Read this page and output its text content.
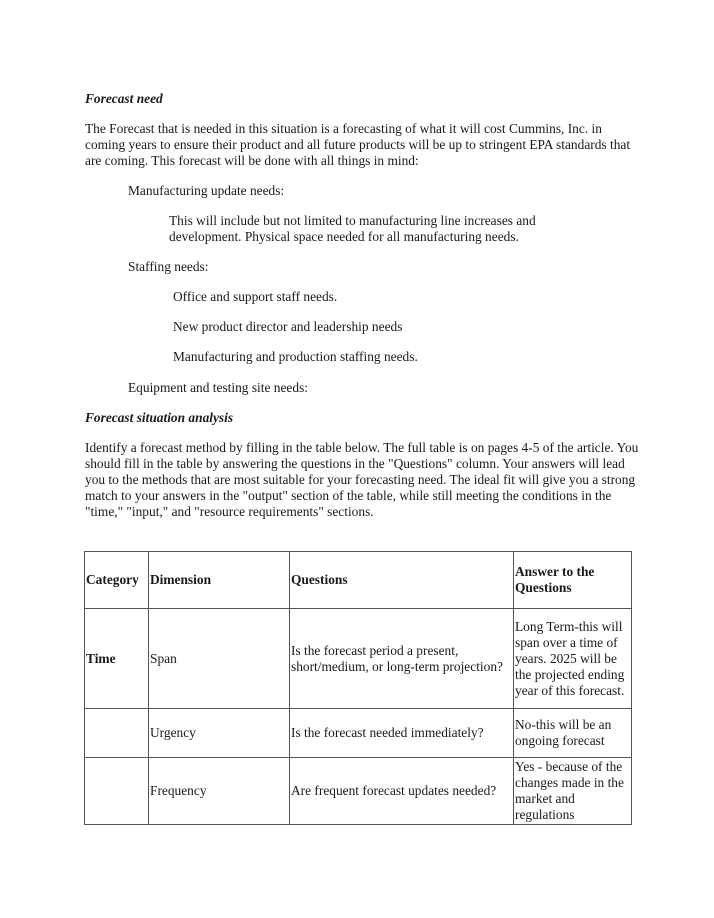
Forecast need

The Forecast that is needed in this situation is a forecasting of what it will cost Cummins, Inc. in coming years to ensure their product and all future products will be up to stringent EPA standards that are coming. This forecast will be done with all things in mind:

Manufacturing update needs:
This will include but not limited to manufacturing line increases and development. Physical space needed for all manufacturing needs.
Staffing needs:
Office and support staff needs.
New product director and leadership needs
Manufacturing and production staffing needs.
Equipment and testing site needs:
Forecast situation analysis

Identify a forecast method by filling in the table below. The full table is on pages 4-5 of the article. You should fill in the table by answering the questions in the "Questions" column. Your answers will lead you to the methods that are most suitable for your forecasting need. The ideal fit will give you a strong match to your answers in the "output" section of the table, while still meeting the conditions in the "time," "input," and "resource requirements" sections.

Category	Dimension	Questions	Answer to the Questions
Time	Span	Is the forecast period a present, short/medium, or long-term projection?	Long Term-this will span over a time of years. 2025 will be the projected ending year of this forecast.
	Urgency	Is the forecast needed immediately?	No-this will be an ongoing forecast
	Frequency	Are frequent forecast updates needed?	Yes - because of the changes made in the market and regulations
